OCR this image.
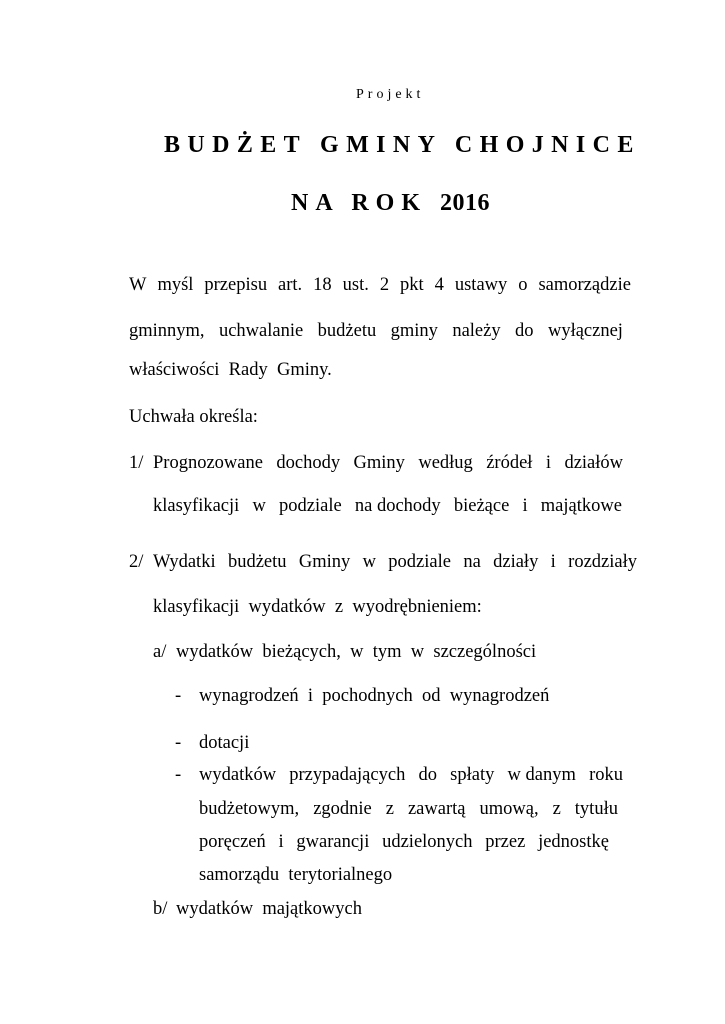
Projekt
BUDŻET GMINY CHOJNICE
NA ROK 2016
W myśl przepisu art. 18 ust. 2 pkt 4 ustawy o samorządzie
gminnym, uchwalanie budżetu gminy należy do wyłącznej
właściwości  Rady  Gminy.
Uchwała określa:
1/ Prognozowane dochody Gminy według źródeł i działów
klasyfikacji w podziale na dochody bieżące i majątkowe
2/ Wydatki budżetu Gminy w podziale na działy i rozdziały
klasyfikacji  wydatków  z  wyodrębnieniem:
a/ wydatków  bieżących,  w  tym  w  szczególności
- wynagrodzeń  i  pochodnych  od  wynagrodzeń
- dotacji
- wydatków przypadających do spłaty w danym roku
budżetowym, zgodnie z zawartą umową, z tytułu
poręczeń i gwarancji udzielonych przez jednostkę
samorządu  terytorialnego
b/ wydatków  majątkowych
